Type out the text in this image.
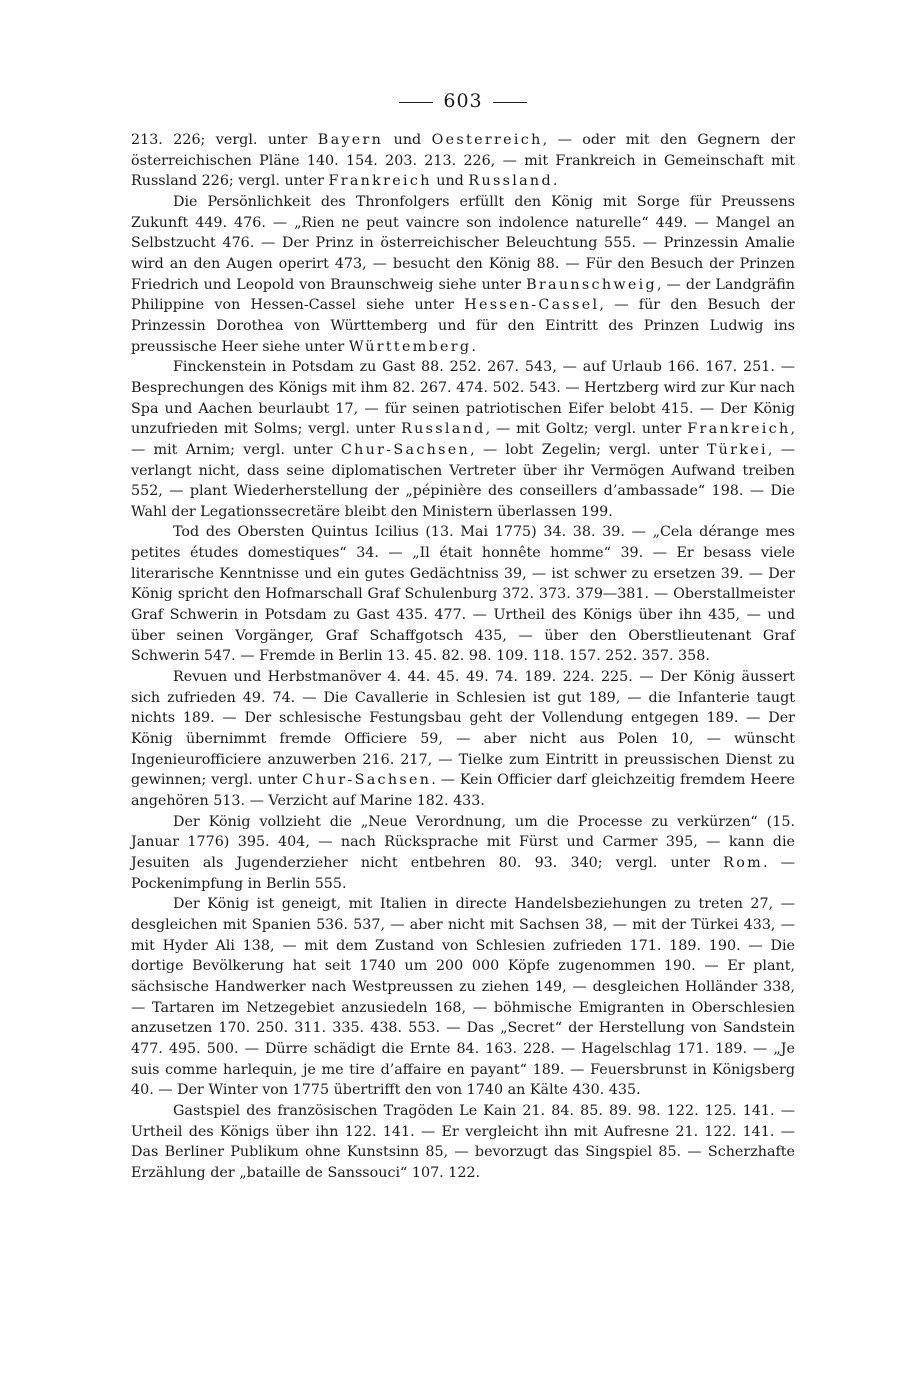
603

213. 226; vergl. unter Bayern und Oesterreich, — oder mit den Gegnern der österreichischen Pläne 140. 154. 203. 213. 226, — mit Frankreich in Gemeinschaft mit Russland 226; vergl. unter Frankreich und Russland.

Die Persönlichkeit des Thronfolgers erfüllt den König mit Sorge für Preussens Zukunft 449. 476. — „Rien ne peut vaincre son indolence naturelle“ 449. — Mangel an Selbstzucht 476. — Der Prinz in österreichischer Beleuchtung 555. — Prinzessin Amalie wird an den Augen operirt 473, — besucht den König 88. — Für den Besuch der Prinzen Friedrich und Leopold von Braunschweig siehe unter Braunschweig, — der Landgräfin Philippine von Hessen-Cassel siehe unter Hessen-Cassel, — für den Besuch der Prinzessin Dorothea von Württemberg und für den Eintritt des Prinzen Ludwig ins preussische Heer siehe unter Württemberg.

Finckenstein in Potsdam zu Gast 88. 252. 267. 543, — auf Urlaub 166. 167. 251. — Besprechungen des Königs mit ihm 82. 267. 474. 502. 543. — Hertzberg wird zur Kur nach Spa und Aachen beurlaubt 17, — für seinen patriotischen Eifer belobt 415. — Der König unzufrieden mit Solms; vergl. unter Russland, — mit Goltz; vergl. unter Frankreich, — mit Arnim; vergl. unter Chur-Sachsen, — lobt Zegelin; vergl. unter Türkei, — verlangt nicht, dass seine diplomatischen Vertreter über ihr Vermögen Aufwand treiben 552, — plant Wiederherstellung der „pépinière des conseillers d’ambassade“ 198. — Die Wahl der Legationssecretäre bleibt den Ministern überlassen 199.

Tod des Obersten Quintus Icilius (13. Mai 1775) 34. 38. 39. — „Cela dérange mes petites études domestiques“ 34. — „Il était honnête homme“ 39. — Er besass viele literarische Kenntnisse und ein gutes Gedächtniss 39, — ist schwer zu ersetzen 39. — Der König spricht den Hofmarschall Graf Schulenburg 372. 373. 379—381. — Oberstallmeister Graf Schwerin in Potsdam zu Gast 435. 477. — Urtheil des Königs über ihn 435, — und über seinen Vorgänger, Graf Schaffgotsch 435, — über den Oberstlieutenant Graf Schwerin 547. — Fremde in Berlin 13. 45. 82. 98. 109. 118. 157. 252. 357. 358.

Revuen und Herbstmanöver 4. 44. 45. 49. 74. 189. 224. 225. — Der König äussert sich zufrieden 49. 74. — Die Cavallerie in Schlesien ist gut 189, — die Infanterie taugt nichts 189. — Der schlesische Festungsbau geht der Vollendung entgegen 189. — Der König übernimmt fremde Officiere 59, — aber nicht aus Polen 10, — wünscht Ingenieurofficiere anzuwerben 216. 217, — Tielke zum Eintritt in preussischen Dienst zu gewinnen; vergl. unter Chur-Sachsen. — Kein Officier darf gleichzeitig fremdem Heere angehören 513. — Verzicht auf Marine 182. 433.

Der König vollzieht die „Neue Verordnung, um die Processe zu verkürzen“ (15. Januar 1776) 395. 404, — nach Rücksprache mit Fürst und Carmer 395, — kann die Jesuiten als Jugenderzieher nicht entbehren 80. 93. 340; vergl. unter Rom. — Pockenimpfung in Berlin 555.

Der König ist geneigt, mit Italien in directe Handelsbeziehungen zu treten 27, — desgleichen mit Spanien 536. 537, — aber nicht mit Sachsen 38, — mit der Türkei 433, — mit Hyder Ali 138, — mit dem Zustand von Schlesien zufrieden 171. 189. 190. — Die dortige Bevölkerung hat seit 1740 um 200 000 Köpfe zugenommen 190. — Er plant, sächsische Handwerker nach Westpreussen zu ziehen 149, — desgleichen Holländer 338, — Tartaren im Netzegebiet anzusiedeln 168, — böhmische Emigranten in Oberschlesien anzusetzen 170. 250. 311. 335. 438. 553. — Das „Secret“ der Herstellung von Sandstein 477. 495. 500. — Dürre schädigt die Ernte 84. 163. 228. — Hagelschlag 171. 189. — „Je suis comme harlequin, je me tire d’affaire en payant“ 189. — Feuersbrunst in Königsberg 40. — Der Winter von 1775 übertrifft den von 1740 an Kälte 430. 435.

Gastspiel des französischen Tragöden Le Kain 21. 84. 85. 89. 98. 122. 125. 141. — Urtheil des Königs über ihn 122. 141. — Er vergleicht ihn mit Aufresne 21. 122. 141. — Das Berliner Publikum ohne Kunstsinn 85, — bevorzugt das Singspiel 85. — Scherzhafte Erzählung der „bataille de Sanssouci“ 107. 122.
